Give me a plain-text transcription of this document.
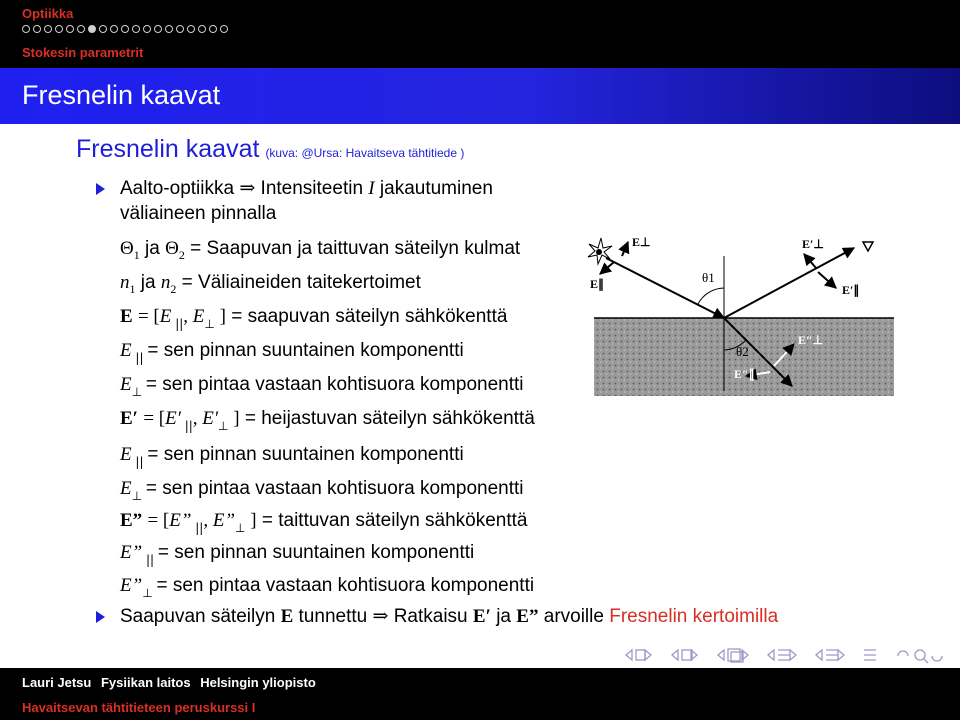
Optiikka
Stokesin parametrit
Fresnelin kaavat
Fresnelin kaavat (kuva: @Ursa: Havaitseva tähtitiede )
Aalto-optiikka ⇒ Intensiteetin I jakautuminen
väliaineen pinnalla
$\Theta_1$ ja $\Theta_2$ = Saapuvan ja taittuvan säteilyn kulmat
$n_1$ ja $n_2$ = Väliaineiden taitekertoimet
E = [E $_{||}$, $E_\perp$ ] = saapuvan säteilyn sähkökenttä
E $_{||}$ = sen pinnan suuntainen komponentti
$E_\perp$ = sen pintaa vastaan kohtisuora komponentti
E′ = [E′ $_{||}$, $E'_\perp$ ] = heijastuvan säteilyn sähkökenttä
E $_{||}$ = sen pinnan suuntainen komponentti
$E_\perp$ = sen pintaa vastaan kohtisuora komponentti
E” = [E” $_{||}$, $E”_\perp$ ] = taittuvan säteilyn sähkökenttä
E” $_{||}$ = sen pinnan suuntainen komponentti
$E”_\perp$ = sen pintaa vastaan kohtisuora komponentti
Saapuvan säteilyn E tunnettu ⇒ Ratkaisu E′ ja E” arvoille Fresnelin kertoimilla
E⊥
E∥
E′⊥
E′∥
E″⊥
E″∥
θ1
θ2
Lauri Jetsu Fysiikan laitos Helsingin yliopisto
Havaitsevan tähtitieteen peruskurssi I
